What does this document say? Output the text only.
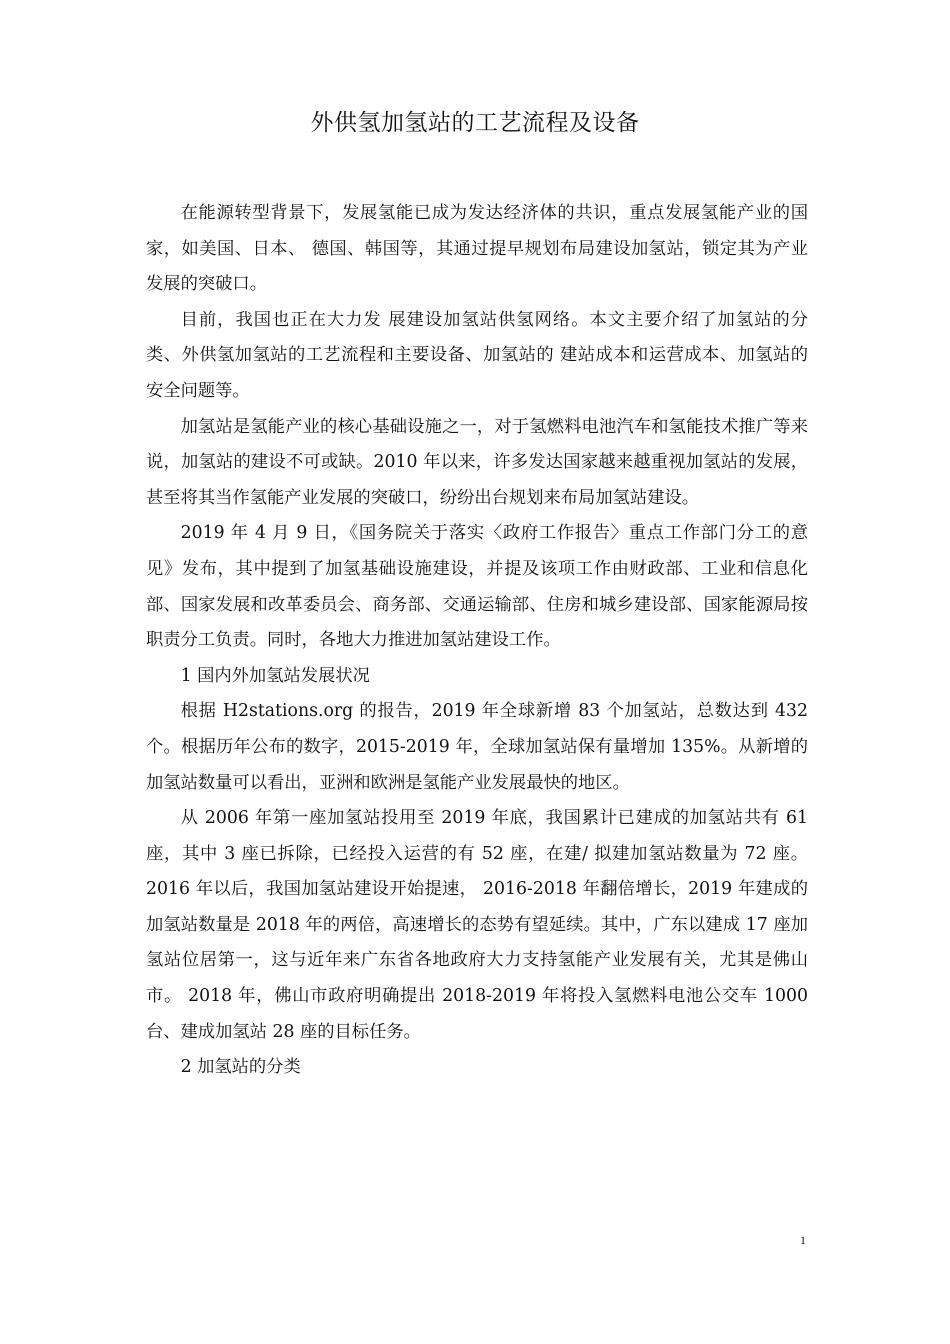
外供氢加氢站的工艺流程及设备

在能源转型背景下，发展氢能已成为发达经济体的共识，重点发展氢能产业的国家，如美国、日本、 德国、韩国等，其通过提早规划布局建设加氢站，锁定其为产业发展的突破口。

目前，我国也正在大力发 展建设加氢站供氢网络。本文主要介绍了加氢站的分类、外供氢加氢站的工艺流程和主要设备、加氢站的 建站成本和运营成本、加氢站的安全问题等。

加氢站是氢能产业的核心基础设施之一，对于氢燃料电池汽车和氢能技术推广等来说，加氢站的建设不可或缺。2010 年以来，许多发达国家越来越重视加氢站的发展，甚至将其当作氢能产业发展的突破口，纷纷出台规划来布局加氢站建设。

2019 年 4 月 9 日，《国务院关于落实〈政府工作报告〉重点工作部门分工的意见》发布，其中提到了加氢基础设施建设，并提及该项工作由财政部、工业和信息化部、国家发展和改革委员会、商务部、交通运输部、住房和城乡建设部、国家能源局按职责分工负责。同时，各地大力推进加氢站建设工作。

1 国内外加氢站发展状况

根据 H2stations.org 的报告，2019 年全球新增 83 个加氢站，总数达到 432 个。根据历年公布的数字，2015-2019 年，全球加氢站保有量增加 135%。从新增的加氢站数量可以看出，亚洲和欧洲是氢能产业发展最快的地区。

从 2006 年第一座加氢站投用至 2019 年底，我国累计已建成的加氢站共有 61 座，其中 3 座已拆除，已经投入运营的有 52 座，在建/ 拟建加氢站数量为 72 座。2016 年以后，我国加氢站建设开始提速， 2016-2018 年翻倍增长，2019 年建成的加氢站数量是 2018 年的两倍，高速增长的态势有望延续。其中，广东以建成 17 座加氢站位居第一，这与近年来广东省各地政府大力支持氢能产业发展有关，尤其是佛山市。 2018 年，佛山市政府明确提出 2018-2019 年将投入氢燃料电池公交车 1000 台、建成加氢站 28 座的目标任务。

2 加氢站的分类

1
